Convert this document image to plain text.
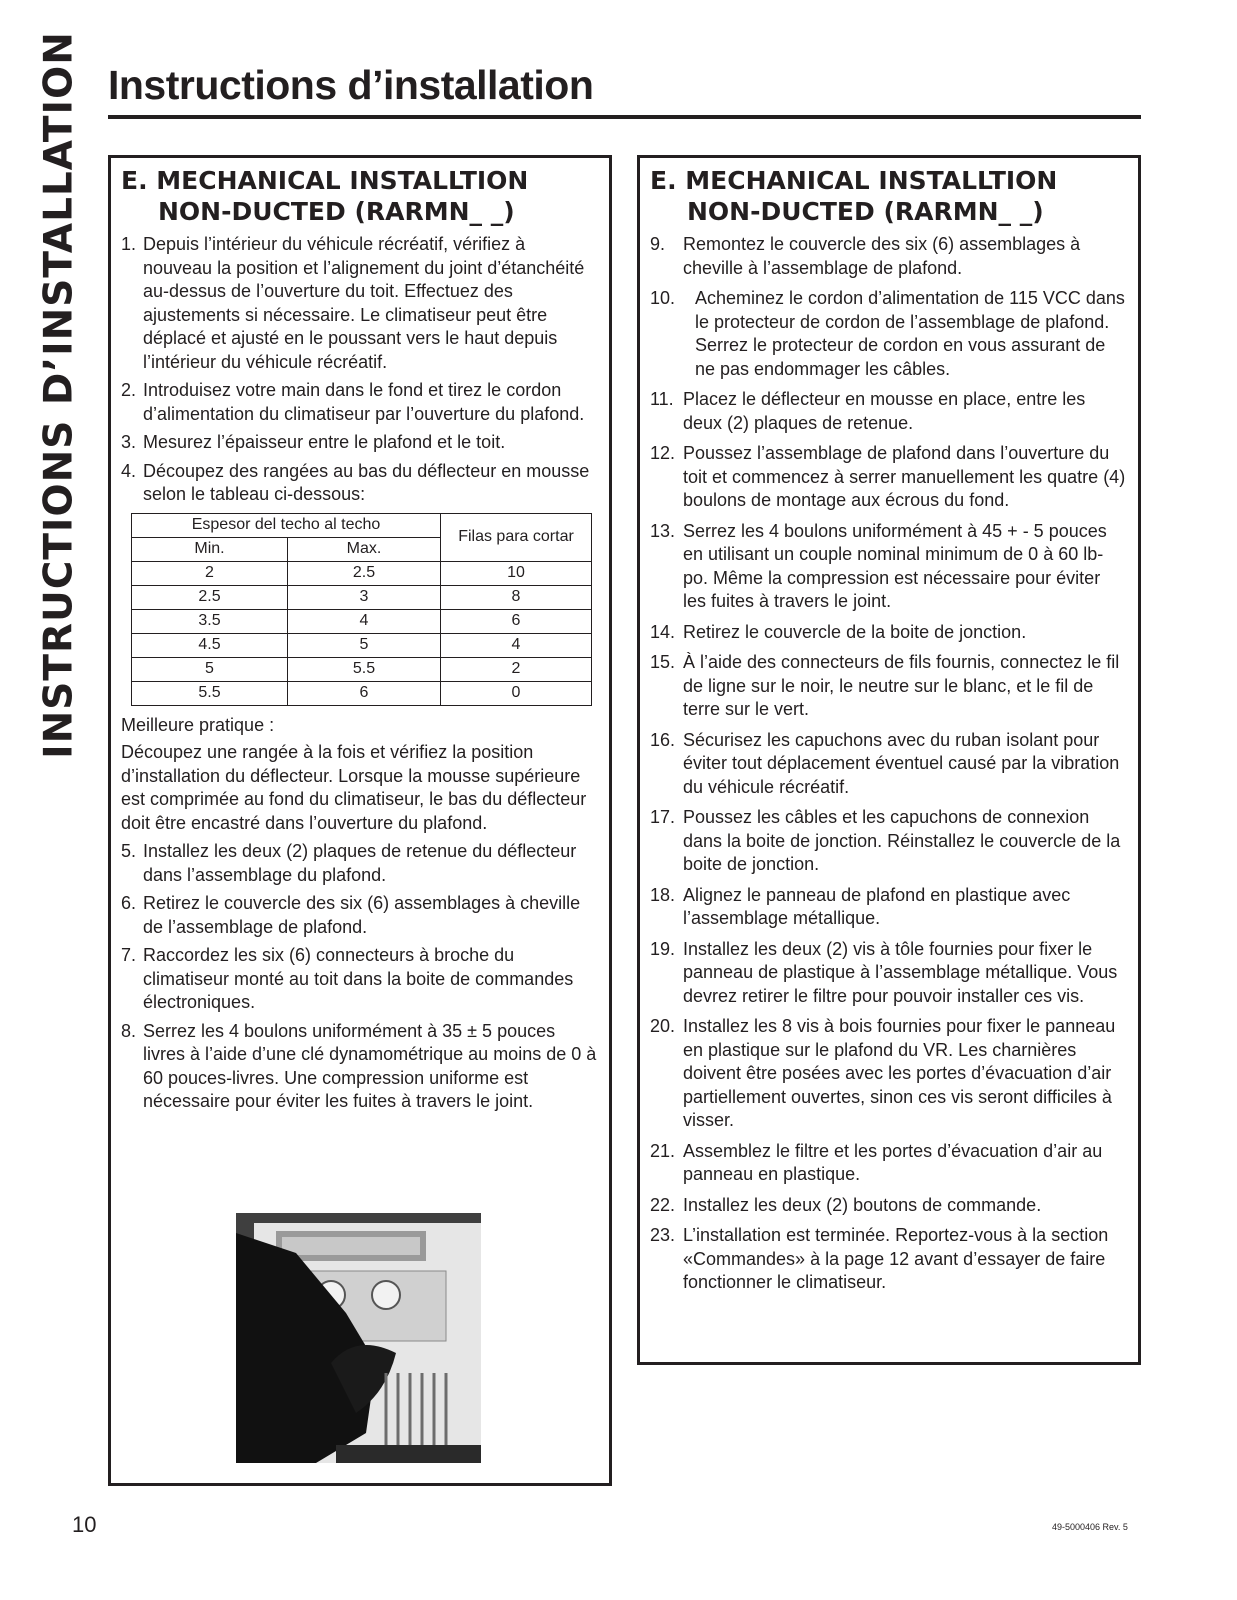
INSTRUCTIONS D’INSTALLATION Instructions d’installation
E. MECHANICAL INSTALLTION
NON-DUCTED (RARMN_ _)
1. Depuis l’intérieur du véhicule récréatif, vérifiez à nouveau la position et l’alignement du joint d’étanchéité au-dessus de l’ouverture du toit. Effectuez des ajustements si nécessaire. Le climatiseur peut être déplacé et ajusté en le poussant vers le haut depuis l’intérieur du véhicule récréatif.
2. Introduisez votre main dans le fond et tirez le cordon d’alimentation du climatiseur par l’ouverture du plafond.
3. Mesurez l’épaisseur entre le plafond et le toit.
4. Découpez des rangées au bas du déflecteur en mousse selon le tableau ci-dessous:
Espesor del techo al techo		Filas para cortar
Min.	Max.	
2	2.5	10
2.5	3	8
3.5	4	6
4.5	5	4
5	5.5	2
5.5	6	0

Meilleure pratique :

Découpez une rangée à la fois et vérifiez la position d’installation du déflecteur. Lorsque la mousse supérieure est comprimée au fond du climatiseur, le bas du déflecteur doit être encastré dans l’ouverture du plafond.

5. Installez les deux (2) plaques de retenue du déflecteur dans l’assemblage du plafond.
6. Retirez le couvercle des six (6) assemblages à cheville de l’assemblage de plafond.
7. Raccordez les six (6) connecteurs à broche du climatiseur monté au toit dans la boite de commandes électroniques.
8. Serrez les 4 boulons uniformément à 35 ± 5 pouces livres à l’aide d’une clé dynamométrique au moins de 0 à 60 pouces-livres. Une compression uniforme est nécessaire pour éviter les fuites à travers le joint.
E. MECHANICAL INSTALLTION
NON-DUCTED (RARMN_ _)
9. Remontez le couvercle des six (6) assemblages à cheville à l’assemblage de plafond.
10. Acheminez le cordon d’alimentation de 115 VCC dans le protecteur de cordon de l’assemblage de plafond. Serrez le protecteur de cordon en vous assurant de ne pas endommager les câbles.
11. Placez le déflecteur en mousse en place, entre les deux (2) plaques de retenue.
12. Poussez l’assemblage de plafond dans l’ouverture du toit et commencez à serrer manuellement les quatre (4) boulons de montage aux écrous du fond.
13. Serrez les 4 boulons uniformément à 45 + - 5 pouces en utilisant un couple nominal minimum de 0 à 60 lb-po. Même la compression est nécessaire pour éviter les fuites à travers le joint.
14. Retirez le couvercle de la boite de jonction.
15. À l’aide des connecteurs de fils fournis, connectez le fil de ligne sur le noir, le neutre sur le blanc, et le fil de terre sur le vert.
16. Sécurisez les capuchons avec du ruban isolant pour éviter tout déplacement éventuel causé par la vibration du véhicule récréatif.
17. Poussez les câbles et les capuchons de connexion dans la boite de jonction. Réinstallez le couvercle de la boite de jonction.
18. Alignez le panneau de plafond en plastique avec l’assemblage métallique.
19. Installez les deux (2) vis à tôle fournies pour fixer le panneau de plastique à l’assemblage métallique. Vous devrez retirer le filtre pour pouvoir installer ces vis.
20. Installez les 8 vis à bois fournies pour fixer le panneau en plastique sur le plafond du VR. Les charnières doivent être posées avec les portes d’évacuation d’air partiellement ouvertes, sinon ces vis seront difficiles à visser.
21. Assemblez le filtre et les portes d’évacuation d’air au panneau en plastique.
22. Installez les deux (2) boutons de commande.
23. L’installation est terminée. Reportez-vous à la section «Commandes» à la page 12 avant d’essayer de faire fonctionner le climatiseur.
10	49-5000406 Rev. 5
